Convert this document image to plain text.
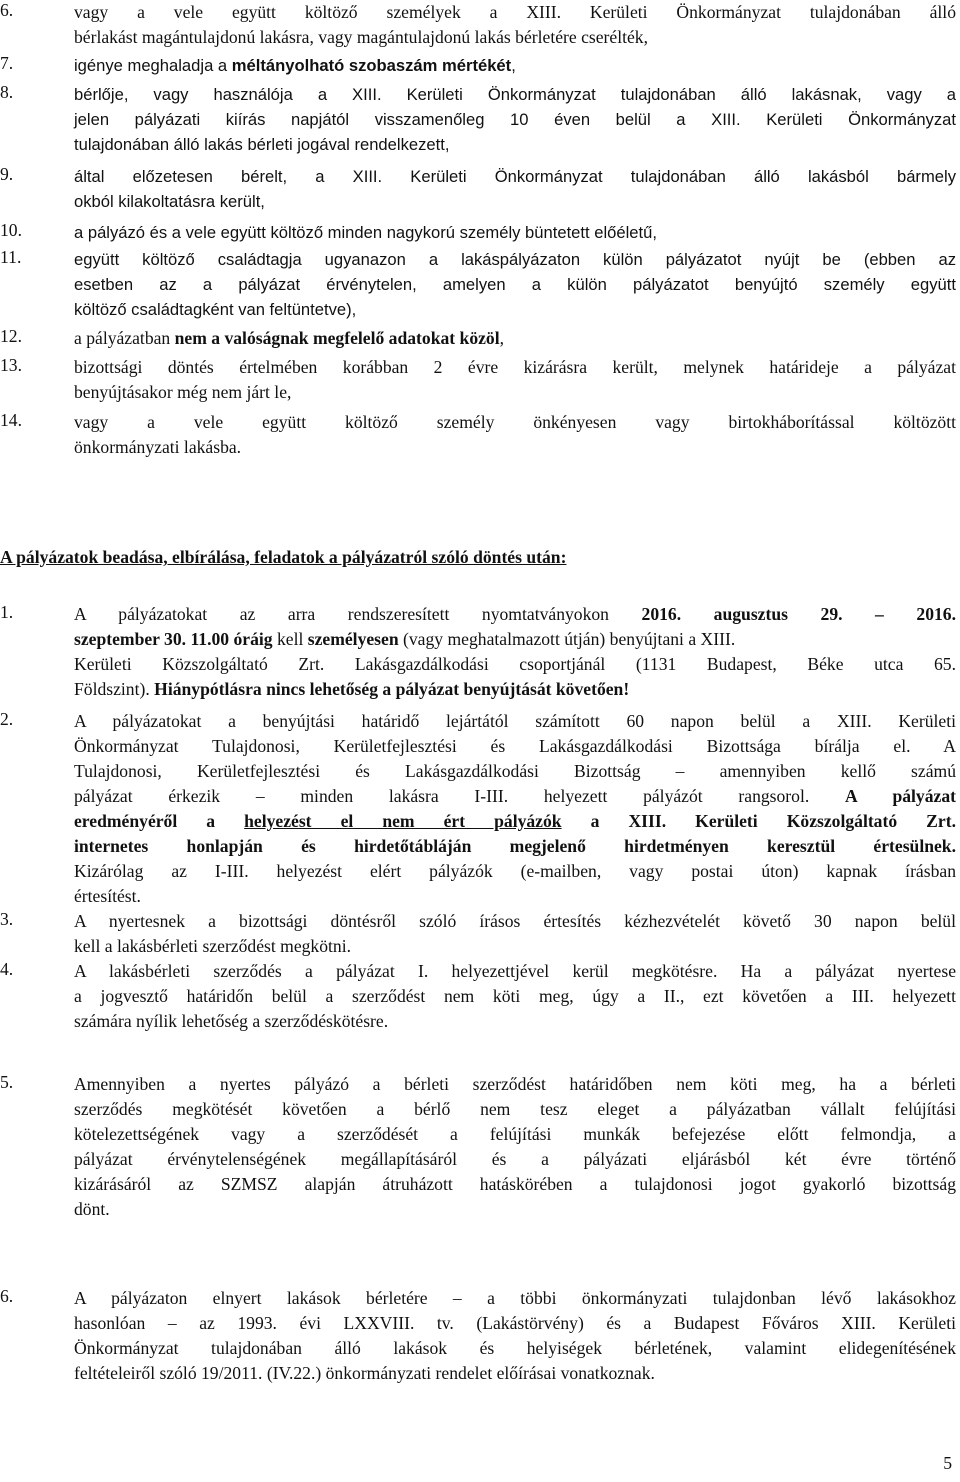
6.	vagy a vele együtt költöző személyek a XIII. Kerületi Önkormányzat tulajdonában álló
bérlakást magántulajdonú lakásra, vagy magántulajdonú lakás bérletére cserélték,
7.	igénye meghaladja a méltányolható szobaszám mértékét,
8.	bérlője, vagy használója a XIII. Kerületi Önkormányzat tulajdonában álló lakásnak, vagy a
jelen pályázati kiírás napjától visszamenőleg 10 éven belül a XIII. Kerületi Önkormányzat
tulajdonában álló lakás bérleti jogával rendelkezett,
9.	által előzetesen bérelt, a XIII. Kerületi Önkormányzat tulajdonában álló lakásból bármely
okból kilakoltatásra került,
10.	a pályázó és a vele együtt költöző minden nagykorú személy büntetett előéletű,
11.	együtt költöző családtagja ugyanazon a lakáspályázaton külön pályázatot nyújt be (ebben az
esetben az a pályázat érvénytelen, amelyen a külön pályázatot benyújtó személy együtt
költöző családtagként van feltüntetve),
12.	a pályázatban nem a valóságnak megfelelő adatokat közöl,
13.	bizottsági döntés értelmében korábban 2 évre kizárásra került, melynek határideje a pályázat
benyújtásakor még nem járt le,
14.	vagy a vele együtt költöző személy önkényesen vagy birtokháborítással költözött
önkormányzati lakásba.
A pályázatok beadása, elbírálása, feladatok a pályázatról szóló döntés után:
1.	A pályázatokat az arra rendszeresített nyomtatványokon 2016. augusztus 29. – 2016.
szeptember 30. 11.00 óráig kell személyesen (vagy meghatalmazott útján) benyújtani a XIII.
Kerületi Közszolgáltató Zrt. Lakásgazdálkodási csoportjánál (1131 Budapest, Béke utca 65.
Földszint). Hiánypótlásra nincs lehetőség a pályázat benyújtását követően!
2.	A pályázatokat a benyújtási határidő lejártától számított 60 napon belül a XIII. Kerületi
Önkormányzat Tulajdonosi, Kerületfejlesztési és Lakásgazdálkodási Bizottsága bírálja el. A
Tulajdonosi, Kerületfejlesztési és Lakásgazdálkodási Bizottság – amennyiben kellő számú
pályázat érkezik – minden lakásra I-III. helyezett pályázót rangsorol. A pályázat
eredményéről a helyezést el nem ért pályázók a XIII. Kerületi Közszolgáltató Zrt.
internetes honlapján és hirdetőtábláján megjelenő hirdetményen keresztül értesülnek.
Kizárólag az I-III. helyezést elért pályázók (e-mailben, vagy postai úton) kapnak írásban
értesítést.
3.	A nyertesnek a bizottsági döntésről szóló írásos értesítés kézhezvételét követő 30 napon belül
kell a lakásbérleti szerződést megkötni.
4.	A lakásbérleti szerződés a pályázat I. helyezettjével kerül megkötésre. Ha a pályázat nyertese
a jogvesztő határidőn belül a szerződést nem köti meg, úgy a II., ezt követően a III. helyezett
számára nyílik lehetőség a szerződéskötésre.
5.	Amennyiben a nyertes pályázó a bérleti szerződést határidőben nem köti meg, ha a bérleti
szerződés megkötését követően a bérlő nem tesz eleget a pályázatban vállalt felújítási
kötelezettségének vagy a szerződését a felújítási munkák befejezése előtt felmondja, a
pályázat érvénytelenségének megállapításáról és a pályázati eljárásból két évre történő
kizárásáról az SZMSZ alapján átruházott hatáskörében a tulajdonosi jogot gyakorló bizottság
dönt.
6.	A pályázaton elnyert lakások bérletére – a többi önkormányzati tulajdonban lévő lakásokhoz
hasonlóan – az 1993. évi LXXVIII. tv. (Lakástörvény) és a Budapest Főváros XIII. Kerületi
Önkormányzat tulajdonában álló lakások és helyiségek bérletének, valamint elidegenítésének
feltételeiről szóló 19/2011. (IV.22.) önkormányzati rendelet előírásai vonatkoznak.
5
